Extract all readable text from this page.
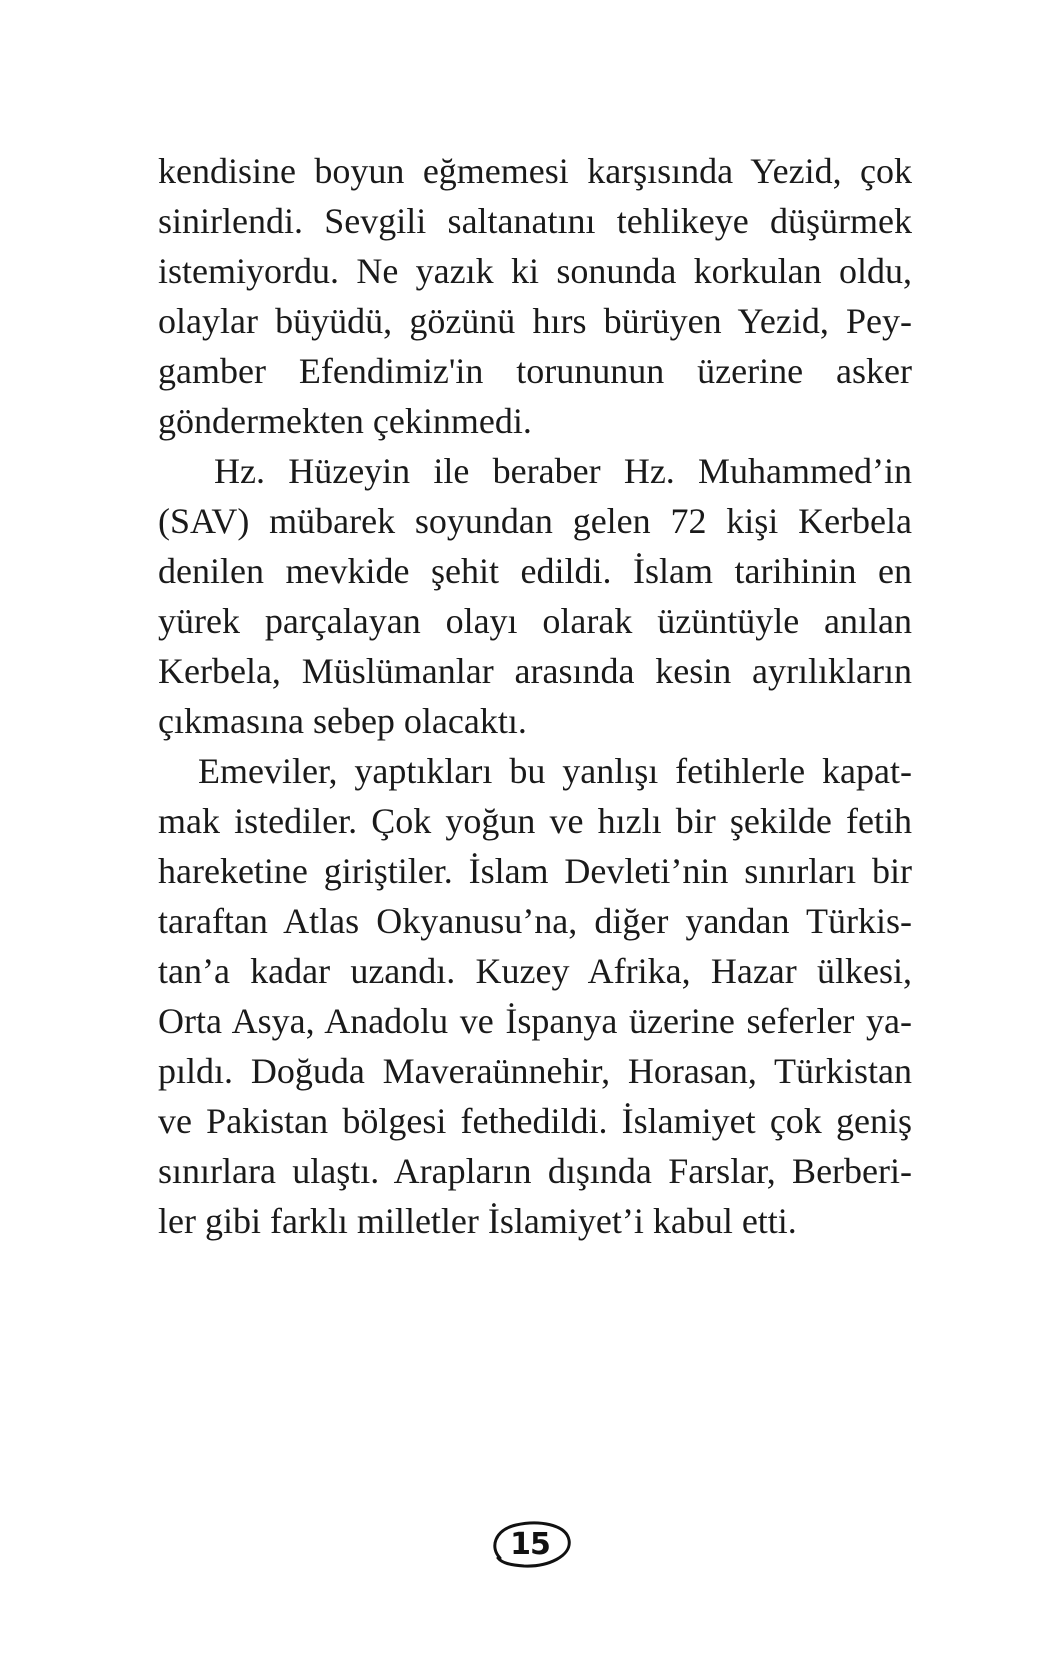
kendisine boyun eğmemesi karşısında Yezid, çok
sinirlendi. Sevgili saltanatını tehlikeye düşürmek
istemiyordu. Ne yazık ki sonunda korkulan oldu,
olaylar büyüdü, gözünü hırs bürüyen Yezid, Pey-
gamber Efendimiz'in torununun üzerine asker
göndermekten çekinmedi.
Hz. Hüzeyin ile beraber Hz. Muhammed’in
(SAV) mübarek soyundan gelen 72 kişi Kerbela
denilen mevkide şehit edildi. İslam tarihinin en
yürek parçalayan olayı olarak üzüntüyle anılan
Kerbela, Müslümanlar arasında kesin ayrılıkların
çıkmasına sebep olacaktı.
Emeviler, yaptıkları bu yanlışı fetihlerle kapat-
mak istediler. Çok yoğun ve hızlı bir şekilde fetih
hareketine giriştiler. İslam Devleti’nin sınırları bir
taraftan Atlas Okyanusu’na, diğer yandan Türkis-
tan’a kadar uzandı. Kuzey Afrika, Hazar ülkesi,
Orta Asya, Anadolu ve İspanya üzerine seferler ya-
pıldı. Doğuda Maveraünnehir, Horasan, Türkistan
ve Pakistan bölgesi fethedildi. İslamiyet çok geniş
sınırlara ulaştı. Arapların dışında Farslar, Berberi-
ler gibi farklı milletler İslamiyet’i kabul etti.
15
